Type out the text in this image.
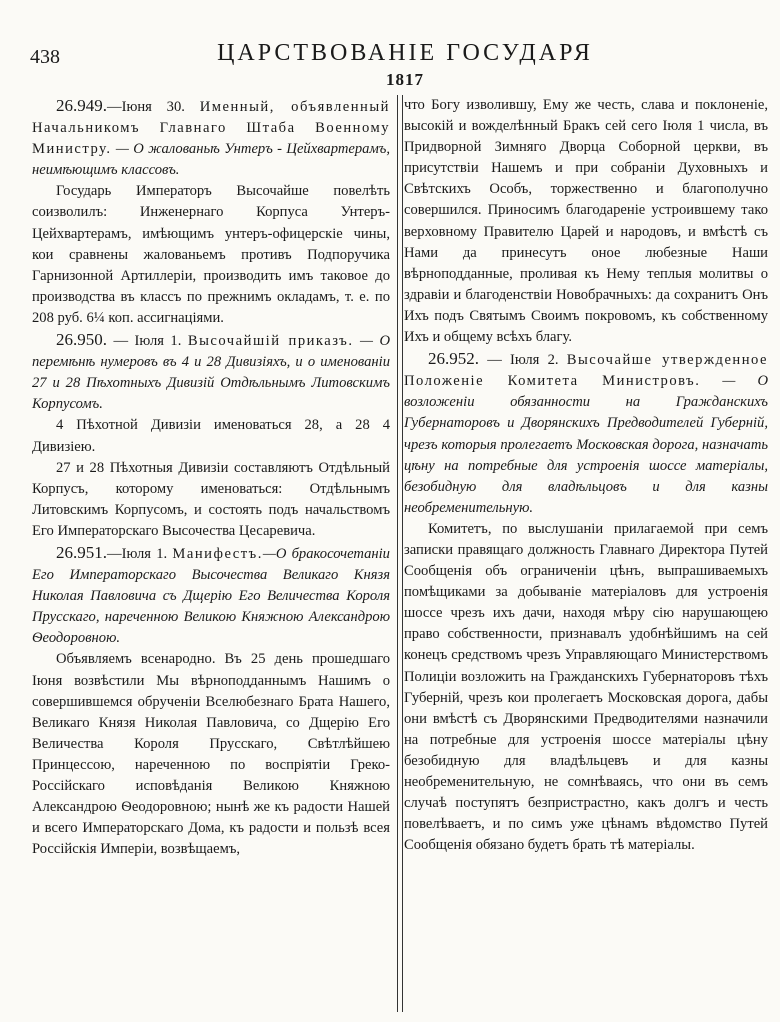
438	ЦАРСТВОВАНІЕ ГОСУДАРЯ
1817

26.949.—Іюня 30. Именный, объявленный Начальникомъ Главнаго Штаба Военному Министру. — О жалованьѣ Унтеръ - Цейхвартерамъ, неимѣющимъ классовъ.

Государь Императоръ Высочайше повелѣть соизволилъ: Инженернаго Корпуса Унтеръ-Цейхвартерамъ, имѣющимъ унтеръ-офицерскіе чины, кои сравнены жалованьемъ противъ Подпоручика Гарнизонной Артиллеріи, производить имъ таковое до производства въ классъ по прежнимъ окладамъ, т. е. по 208 руб. 6¼ коп. ассигнаціями.

26.950. — Іюля 1. Высочайшій приказъ. — О перемѣнѣ нумеровъ въ 4 и 28 Дивизіяхъ, и о именованіи 27 и 28 Пѣхотныхъ Дивизій Отдѣльнымъ Литовскимъ Корпусомъ.

4 Пѣхотной Дивизіи именоваться 28, а 28 4 Дивизіею.

27 и 28 Пѣхотныя Дивизіи составляютъ Отдѣльный Корпусъ, которому именоваться: Отдѣльнымъ Литовскимъ Корпусомъ, и состоять подъ начальствомъ Его Императорскаго Высочества Цесаревича.

26.951.—Іюля 1. Манифестъ.—О бракосочетаніи Его Императорскаго Высочества Великаго Князя Николая Павловича съ Дщерію Его Величества Короля Прусскаго, нареченною Великою Княжною Александрою Ѳеодоровною.

Объявляемъ всенародно. Въ 25 день прошедшаго Іюня возвѣстили Мы вѣрноподданнымъ Нашимъ о совершившемся обрученіи Вселюбезнаго Брата Нашего, Великаго Князя Николая Павловича, со Дщерію Его Величества Короля Прусскаго, Свѣтлѣйшею Принцессою, нареченною по воспріятіи Греко-Россійскаго исповѣданія Великою Княжною Александрою Ѳеодоровною; нынѣ же къ радости Нашей и всего Императорскаго Дома, къ радости и пользѣ всея Россійскія Имперіи, возвѣщаемъ,

что Богу изволившу, Ему же честь, слава и поклоненіе, высокій и вожделѣнный Бракъ сей сего Іюля 1 числа, въ Придворной Зимняго Дворца Соборной церкви, въ присутствіи Нашемъ и при собраніи Духовныхъ и Свѣтскихъ Особъ, торжественно и благополучно совершился. Приносимъ благодареніе устроившему тако верховному Правителю Царей и народовъ, и вмѣстѣ съ Нами да принесутъ оное любезные Наши вѣрноподданные, проливая къ Нему теплыя молитвы о здравіи и благоденствіи Новобрачныхъ: да сохранитъ Онъ Ихъ подъ Святымъ Своимъ покровомъ, къ собственному Ихъ и общему всѣхъ благу.

26.952. — Іюля 2. Высочайше утвержденное Положеніе Комитета Министровъ. — О возложеніи обязанности на Гражданскихъ Губернаторовъ и Дворянскихъ Предводителей Губерній, чрезъ которыя пролегаетъ Московская дорога, назначать цѣну на потребные для устроенія шоссе матеріалы, безобидную для владѣльцовъ и для казны необременительную.

Комитетъ, по выслушаніи прилагаемой при семъ записки правящаго должность Главнаго Директора Путей Сообщенія объ ограниченіи цѣнъ, выпрашиваемыхъ помѣщиками за добываніе матеріаловъ для устроенія шоссе чрезъ ихъ дачи, находя мѣру сію нарушающею право собственности, признавалъ удобнѣйшимъ на сей конецъ средствомъ чрезъ Управляющаго Министерствомъ Полиціи возложить на Гражданскихъ Губернаторовъ тѣхъ Губерній, чрезъ кои пролегаетъ Московская дорога, дабы они вмѣстѣ съ Дворянскими Предводителями назначили на потребные для устроенія шоссе матеріалы цѣну безобидную для владѣльцевъ и для казны необременительную, не сомнѣваясь, что они въ семъ случаѣ поступятъ безпристрастно, какъ долгъ и честь повелѣваетъ, и по симъ уже цѣнамъ вѣдомство Путей Сообщенія обязано будетъ брать тѣ матеріалы.
